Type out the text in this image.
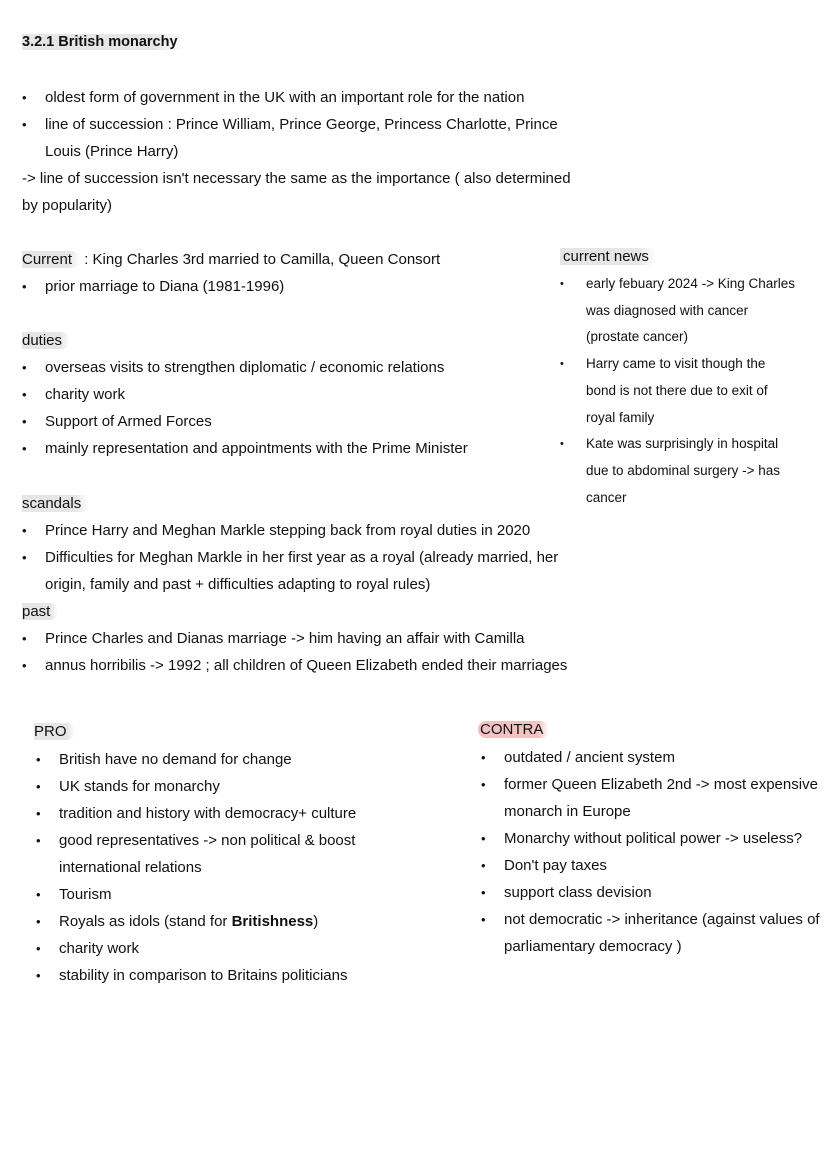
3.2.1 British monarchy
• oldest form of government in the UK with an important role for the nation
• line of succession : Prince William, Prince George, Princess Charlotte, Prince Louis (Prince Harry)
-> line of succession isn't necessary the same as the importance ( also determined by popularity)
Current : King Charles 3rd married to Camilla, Queen Consort
• prior marriage to Diana (1981-1996)
duties
• overseas visits to strengthen diplomatic / economic relations
• charity work
• Support of Armed Forces
• mainly representation and appointments with the Prime Minister
scandals
• Prince Harry and Meghan Markle stepping back from royal duties in 2020
• Difficulties for Meghan Markle in her first year as a royal (already married, her origin, family and past + difficulties adapting to royal rules)
past
• Prince Charles and Dianas marriage -> him having an affair with Camilla
• annus horribilis -> 1992 ; all children of Queen Elizabeth ended their marriages
current news
• early febuary 2024 -> King Charles was diagnosed with cancer (prostate cancer)
• Harry came to visit though the bond is not there due to exit of royal family
• Kate was surprisingly in hospital due to abdominal surgery -> has cancer
PRO
• British have no demand for change
• UK stands for monarchy
• tradition and history with democracy+ culture
• good representatives -> non political & boost international relations
• Tourism
• Royals as idols (stand for Britishness)
• charity work
• stability in comparison to Britains politicians
CONTRA
• outdated / ancient system
• former Queen Elizabeth 2nd -> most expensive monarch in Europe
• Monarchy without political power -> useless?
• Don't pay taxes
• support class devision
• not democratic -> inheritance (against values of parliamentary democracy )
